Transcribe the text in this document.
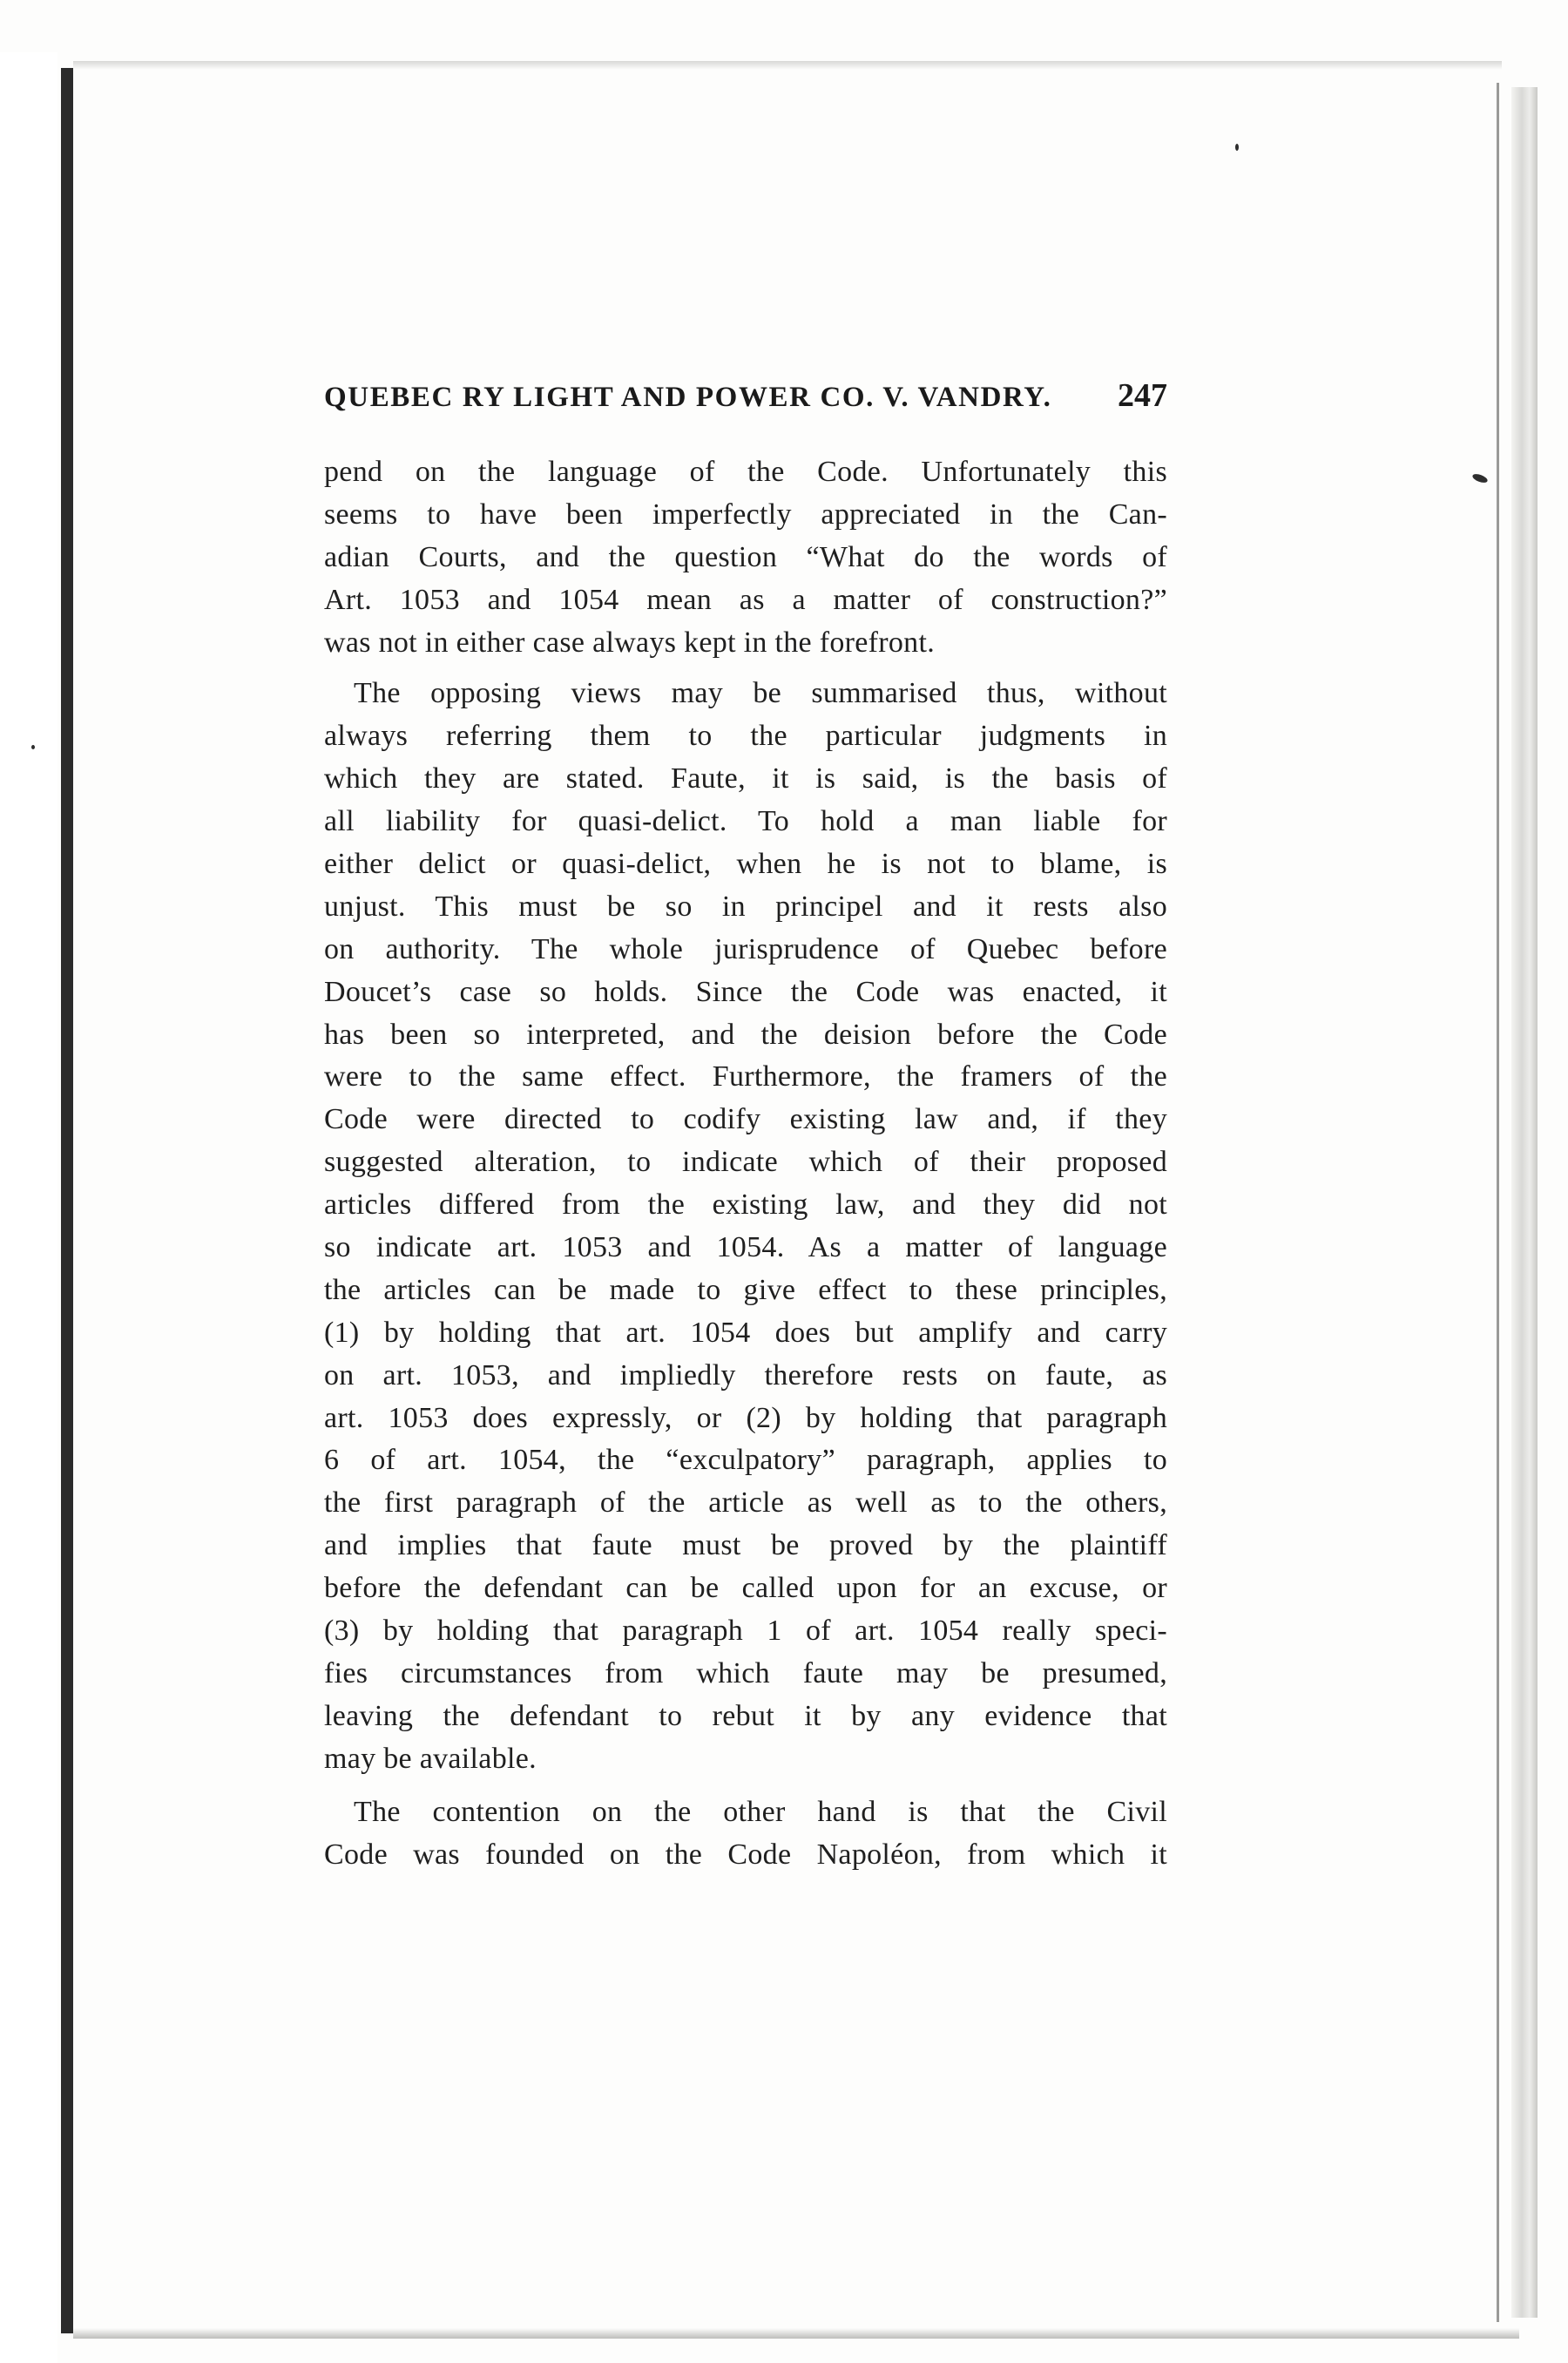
QUEBEC RY LIGHT AND POWER CO. V. VANDRY. 247
pend on the language of the Code. Unfortunately this
seems to have been imperfectly appreciated in the Can-
adian Courts, and the question “What do the words of
Art. 1053 and 1054 mean as a matter of construction?”
was not in either case always kept in the forefront.
The opposing views may be summarised thus, without
always referring them to the particular judgments in
which they are stated. Faute, it is said, is the basis of
all liability for quasi-delict. To hold a man liable for
either delict or quasi-delict, when he is not to blame, is
unjust. This must be so in principel and it rests also
on authority. The whole jurisprudence of Quebec before
Doucet’s case so holds. Since the Code was enacted, it
has been so interpreted, and the deision before the Code
were to the same effect. Furthermore, the framers of the
Code were directed to codify existing law and, if they
suggested alteration, to indicate which of their proposed
articles differed from the existing law, and they did not
so indicate art. 1053 and 1054. As a matter of language
the articles can be made to give effect to these principles,
(1) by holding that art. 1054 does but amplify and carry
on art. 1053, and impliedly therefore rests on faute, as
art. 1053 does expressly, or (2) by holding that paragraph
6 of art. 1054, the “exculpatory” paragraph, applies to
the first paragraph of the article as well as to the others,
and implies that faute must be proved by the plaintiff
before the defendant can be called upon for an excuse, or
(3) by holding that paragraph 1 of art. 1054 really speci-
fies circumstances from which faute may be presumed,
leaving the defendant to rebut it by any evidence that
may be available.
The contention on the other hand is that the Civil
Code was founded on the Code Napoléon, from which it
